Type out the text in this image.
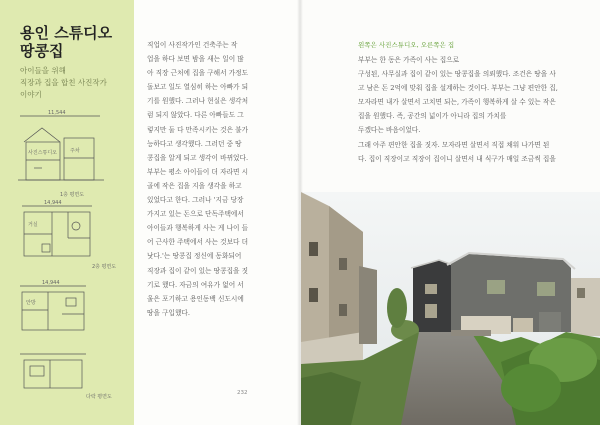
용인 스튜디오
땅콩집
아이들을 위해
직장과 집을 합친 사진작가
이야기
11,544
14,944
14,944
사진스튜디오	주차
거실
안방
1층 평면도
2층 평면도
다락 평면도

직업이 사진작가인 건축주는 작

업을 하다 보면 밤을 새는 일이 많

아 직장 근처에 집을 구해서 가정도

돌보고 일도 열심히 하는 아빠가 되

기를 원했다. 그러나 현실은 생각처

럼 되지 않았다. 다른 아빠들도 그

렇지만 둘 다 만족시키는 것은 불가

능하다고 생각했다. 그러던 중 땅

콩집을 알게 되고 생각이 바뀌었다.

부부는 평소 아이들이 더 자라면 시

골에 작은 집을 지을 생각을 하고

있었다고 한다. 그러나 '지금 당장

가지고 있는 돈으로 단독주택에서

아이들과 행복하게 사는 게 나이 들

어 근사한 주택에서 사는 것보다 더

낫다.'는 땅콩집 정신에 동화되어

직장과 집이 같이 있는 땅콩집을 짓

기로 했다. 자금의 여유가 없어 서

울은 포기하고 용인동백 신도시에

땅을 구입했다.

232
왼쪽은 사진스튜디오, 오른쪽은 집

부부는 한 동은 가족이 사는 집으로

구성된, 사무실과 집이 같이 있는 땅콩집을 의뢰했다. 조건은 땅을 사

고 남은 돈 2억에 맞춰 집을 설계하는 것이다. 부부는 그냥 편안한 집,

모자라면 내가 살면서 고치면 되는, 가족이 행복하게 살 수 있는 작은

집을 원했다. 즉, 공간의 넓이가 아니라 집의 가치를

두겠다는 바음이었다.

그래 아주 편안한 집을 짓자. 모자라면 살면서 직접 채워 나가면 된

다. 집이 직장이고 직장이 집이니 살면서 내 식구가 매일 조금씩 집을
